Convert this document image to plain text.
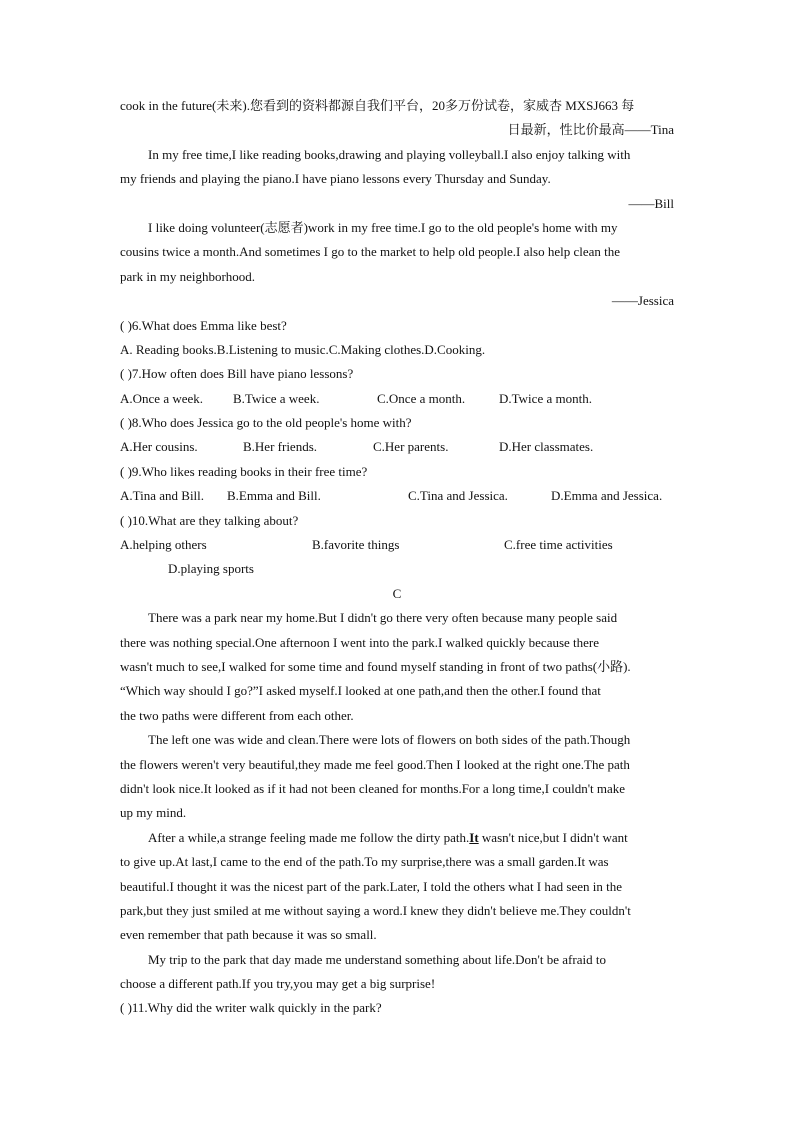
cook in the future(未来).您看到的资料都源自我们平台，20多万份试卷，家威杏 MXSJ663 每
日最新，性比价最高——Tina
In my free time,I like reading books,drawing and playing volleyball.I also enjoy talking with
my friends and playing the piano.I have piano lessons every Thursday and Sunday.
——Bill
I like doing volunteer(志愿者)work in my free time.I go to the old people's home with my
cousins twice a month.And sometimes I go to the market to help old people.I also help clean the
park in my neighborhood.
——Jessica
( )6.What does Emma like best?
A. Reading books.B.Listening to music.C.Making clothes.D.Cooking.
( )7.How often does Bill have piano lessons?
A.Once a week. B.Twice a week.	C.Once a month.	D.Twice a month.
( )8.Who does Jessica go to the old people's home with?
A.Her cousins.	B.Her friends.	C.Her parents.	D.Her classmates.
( )9.Who likes reading books in their free time?
A.Tina and Bill. B.Emma and Bill.	C.Tina and Jessica.	D.Emma and Jessica.
( )10.What are they talking about?
A.helping others	B.favorite things	C.free time activities
D.playing sports
C
There was a park near my home.But I didn't go there very often because many people said
there was nothing special.One afternoon I went into the park.I walked quickly because there
wasn't much to see,I walked for some time and found myself standing in front of two paths(小路).
“Which way should I go?”I asked myself.I looked at one path,and then the other.I found that
the two paths were different from each other.
The left one was wide and clean.There were lots of flowers on both sides of the path.Though
the flowers weren't very beautiful,they made me feel good.Then I looked at the right one.The path
didn't look nice.It looked as if it had not been cleaned for months.For a long time,I couldn't make
up my mind.
After a while,a strange feeling made me follow the dirty path.It wasn't nice,but I didn't want
to give up.At last,I came to the end of the path.To my surprise,there was a small garden.It was
beautiful.I thought it was the nicest part of the park.Later, I told the others what I had seen in the
park,but they just smiled at me without saying a word.I knew they didn't believe me.They couldn't
even remember that path because it was so small.
My trip to the park that day made me understand something about life.Don't be afraid to
choose a different path.If you try,you may get a big surprise!
( )11.Why did the writer walk quickly in the park?
